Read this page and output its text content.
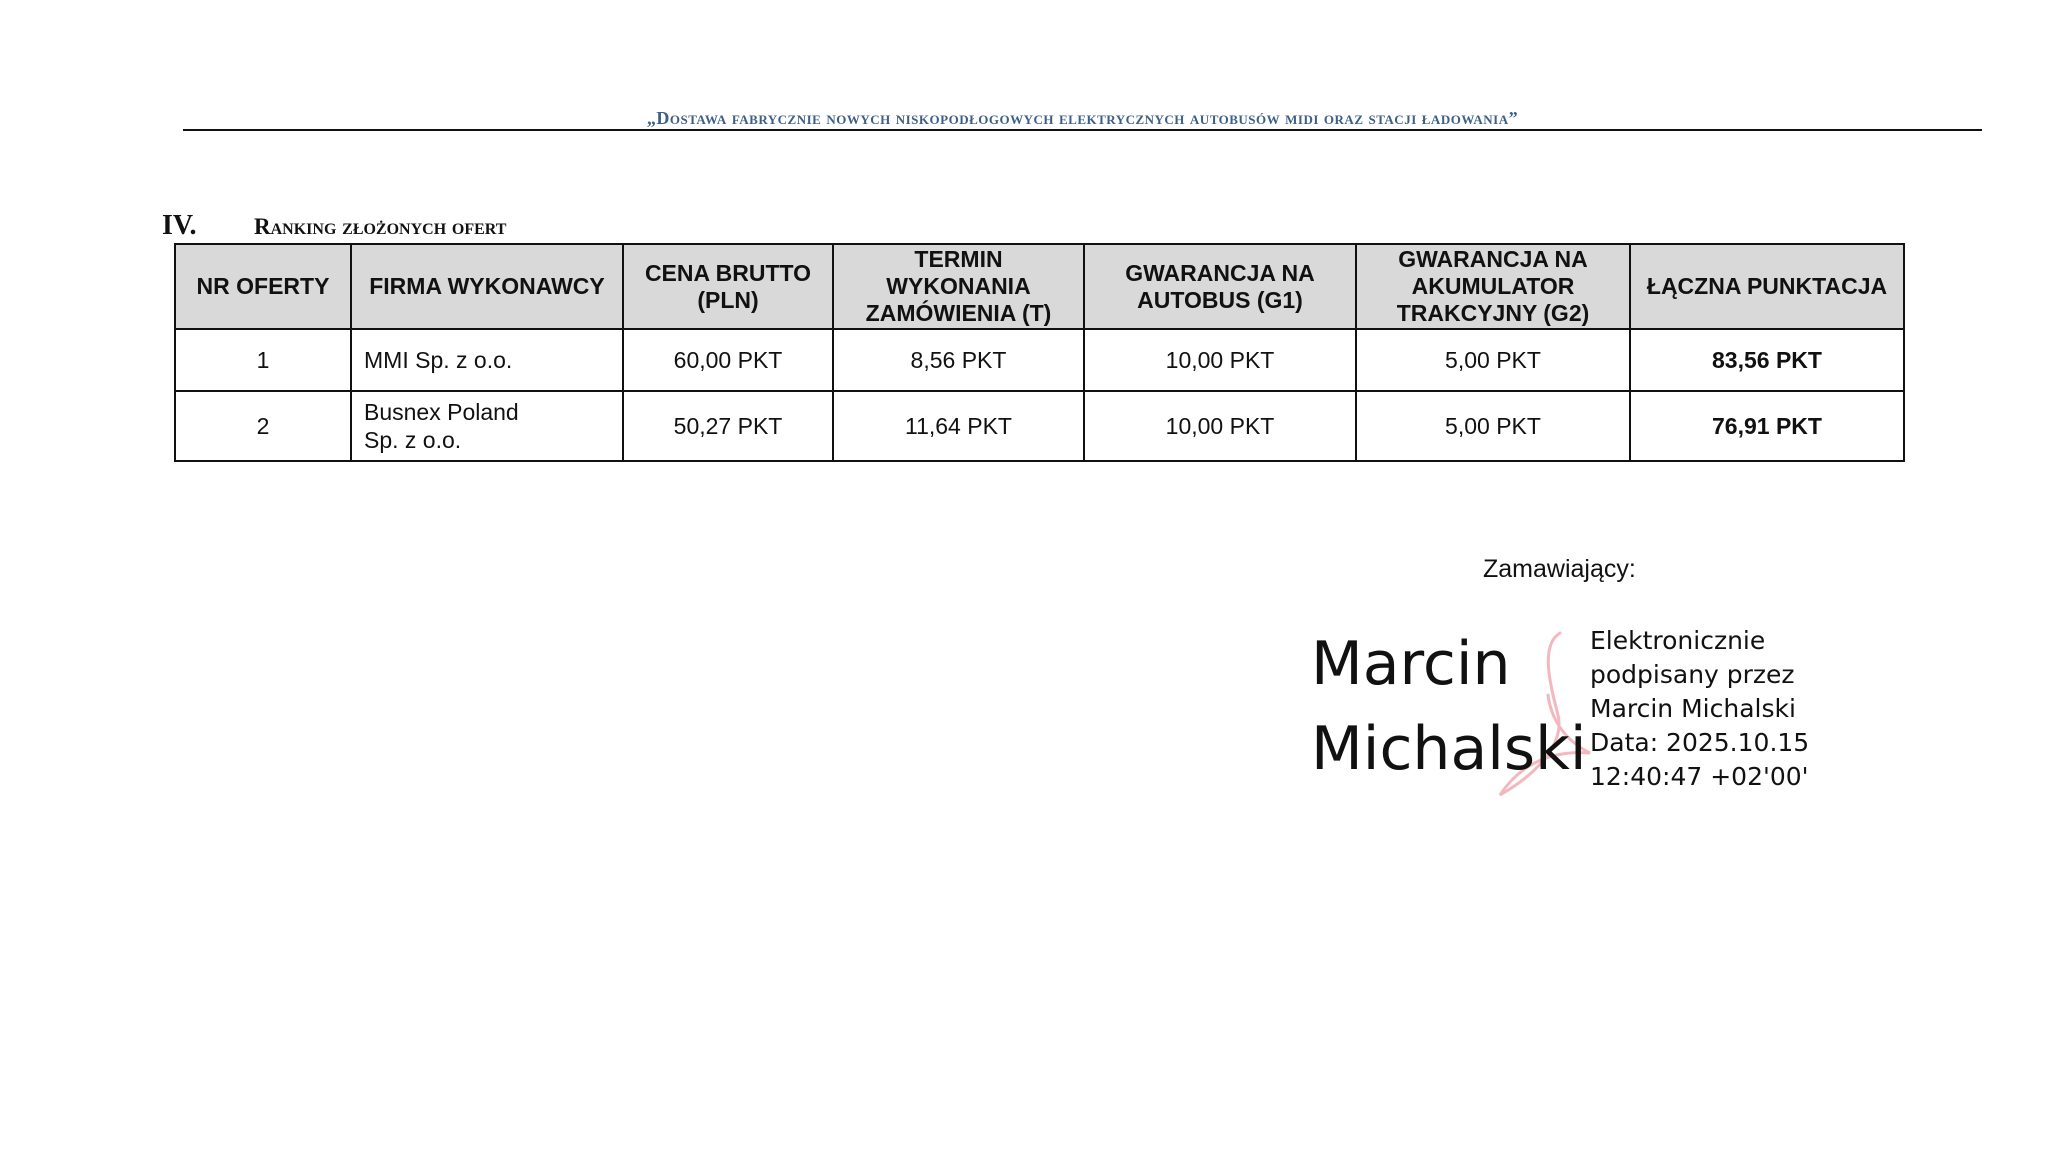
„Dostawa fabrycznie nowych niskopodłogowych elektrycznych autobusów midi oraz stacji ładowania”
IV. Ranking złożonych ofert
NR OFERTY	FIRMA WYKONAWCY	CENA BRUTTO (PLN)	TERMIN WYKONANIA ZAMÓWIENIA (T)	GWARANCJA NA AUTOBUS (G1)	GWARANCJA NA AKUMULATOR TRAKCYJNY (G2)	ŁĄCZNA PUNKTACJA
1	MMI Sp. z o.o.	60,00 PKT	8,56 PKT	10,00 PKT	5,00 PKT	83,56 PKT
2	Busnex Poland
Sp. z o.o.	50,27 PKT	11,64 PKT	10,00 PKT	5,00 PKT	76,91 PKT
Zamawiający:
Marcin
Michalski
Elektronicznie
podpisany przez
Marcin Michalski
Data: 2025.10.15
12:40:47 +02'00'
